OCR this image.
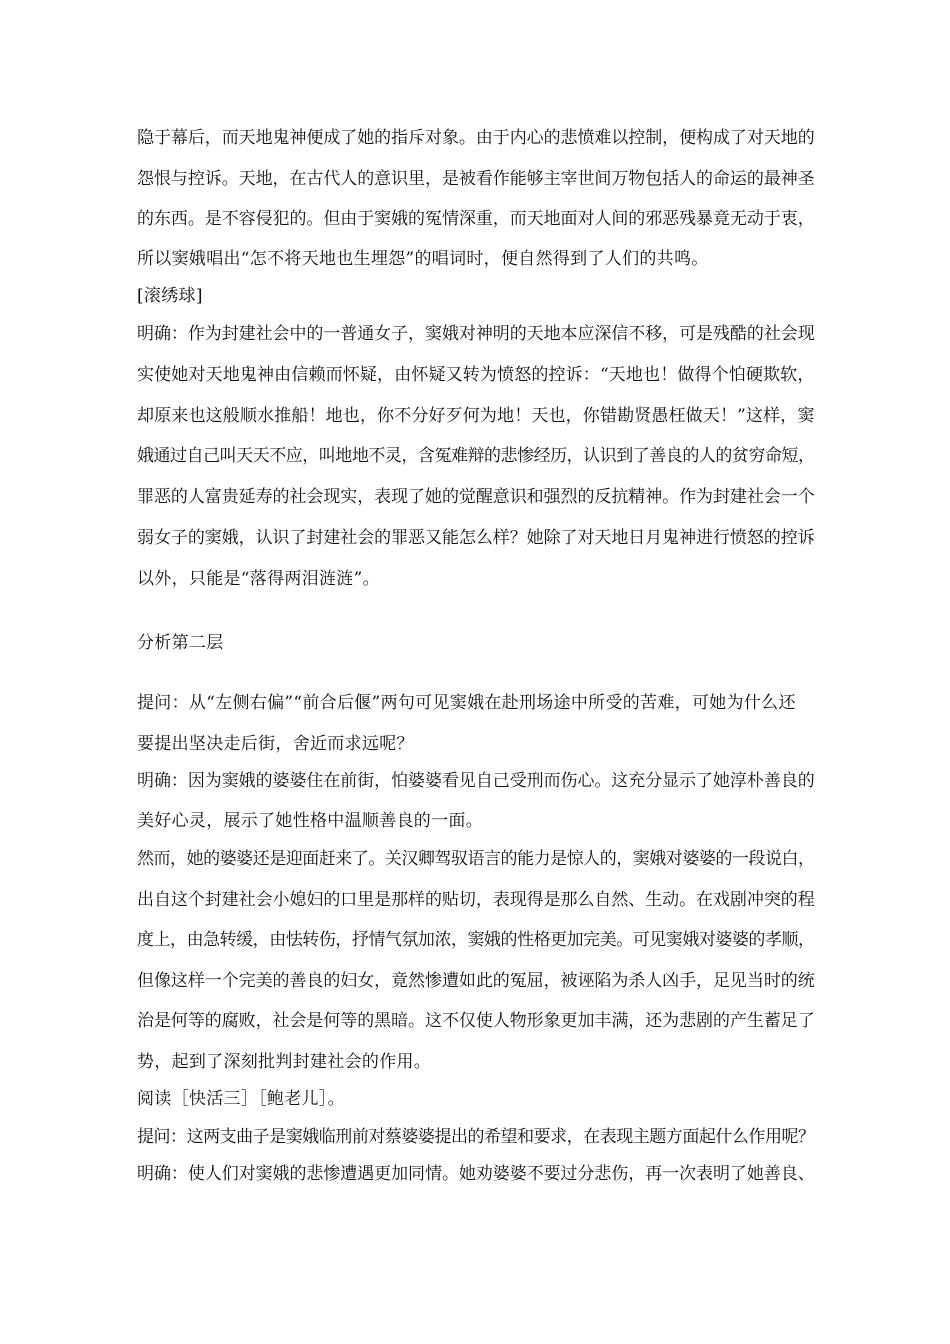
隐于幕后，而天地鬼神便成了她的指斥对象。由于内心的悲愤难以控制，便构成了对天地的
怨恨与控诉。天地，在古代人的意识里，是被看作能够主宰世间万物包括人的命运的最神圣
的东西。是不容侵犯的。但由于窦娥的冤情深重，而天地面对人间的邪恶残暴竟无动于衷，
所以窦娥唱出“怎不将天地也生埋怨”的唱词时，便自然得到了人们的共鸣。
[滚绣球]
明确：作为封建社会中的一普通女子，窦娥对神明的天地本应深信不移，可是残酷的社会现
实使她对天地鬼神由信赖而怀疑，由怀疑又转为愤怒的控诉：“天地也！做得个怕硬欺软，
却原来也这般顺水推船！地也，你不分好歹何为地！天也，你错勘贤愚枉做天！”这样，窦
娥通过自己叫天天不应，叫地地不灵，含冤难辩的悲惨经历，认识到了善良的人的贫穷命短，
罪恶的人富贵延寿的社会现实，表现了她的觉醒意识和强烈的反抗精神。作为封建社会一个
弱女子的窦娥，认识了封建社会的罪恶又能怎么样？她除了对天地日月鬼神进行愤怒的控诉
以外，只能是“落得两泪涟涟”。
分析第二层
提问：从“左侧右偏”“前合后偃”两句可见窦娥在赴刑场途中所受的苦难，可她为什么还
要提出坚决走后街，舍近而求远呢？
明确：因为窦娥的婆婆住在前街，怕婆婆看见自己受刑而伤心。这充分显示了她淳朴善良的
美好心灵，展示了她性格中温顺善良的一面。
然而，她的婆婆还是迎面赶来了。关汉卿驾驭语言的能力是惊人的，窦娥对婆婆的一段说白，
出自这个封建社会小媳妇的口里是那样的贴切，表现得是那么自然、生动。在戏剧冲突的程
度上，由急转缓，由怯转伤，抒情气氛加浓，窦娥的性格更加完美。可见窦娥对婆婆的孝顺，
但像这样一个完美的善良的妇女，竟然惨遭如此的冤屈，被诬陷为杀人凶手，足见当时的统
治是何等的腐败，社会是何等的黑暗。这不仅使人物形象更加丰满，还为悲剧的产生蓄足了
势，起到了深刻批判封建社会的作用。
阅读［快活三］［鲍老儿］。
提问：这两支曲子是窦娥临刑前对蔡婆婆提出的希望和要求，在表现主题方面起什么作用呢？
明确：使人们对窦娥的悲惨遭遇更加同情。她劝婆婆不要过分悲伤，再一次表明了她善良、
